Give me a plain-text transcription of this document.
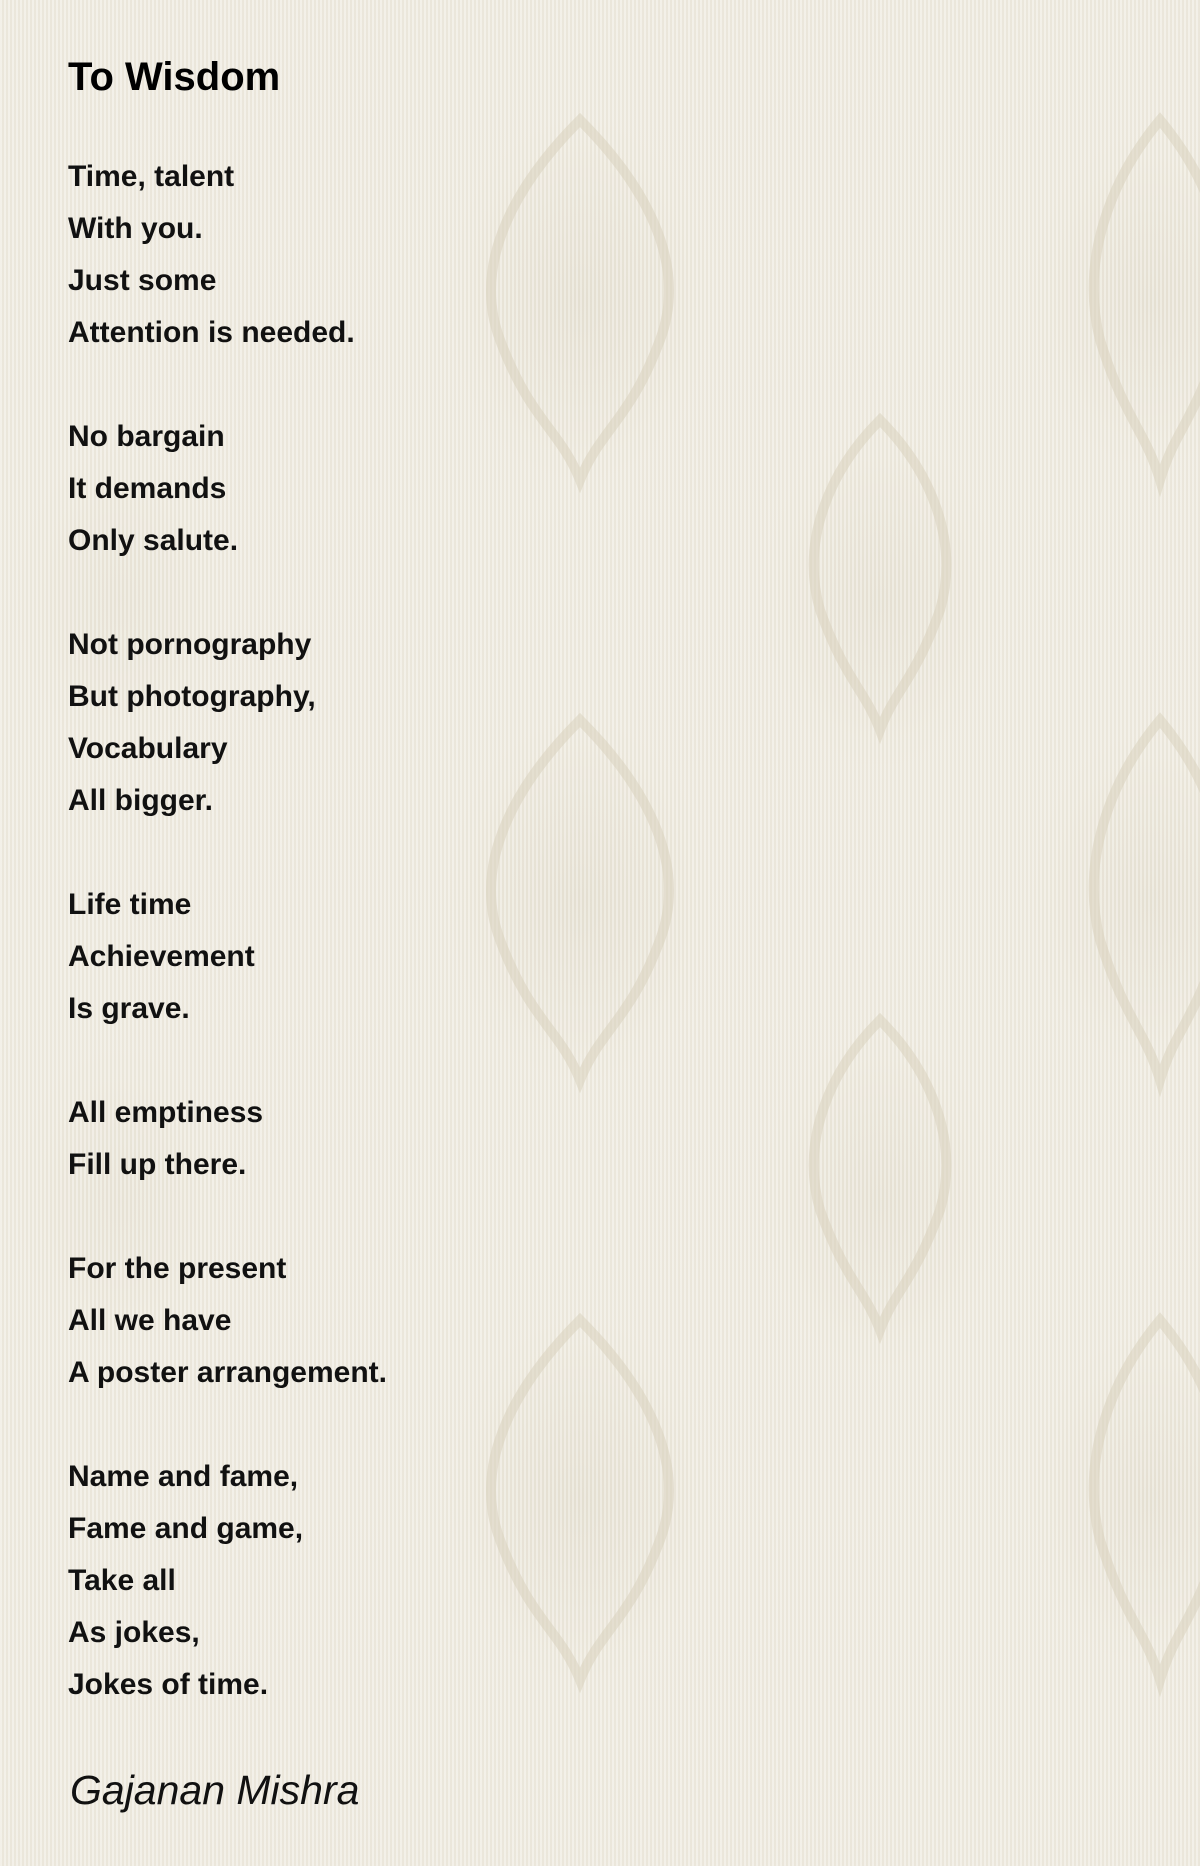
To Wisdom
Time, talent
With you.
Just some
Attention is needed.
No bargain
It demands
Only salute.
Not pornography
But photography,
Vocabulary
All bigger.
Life time
Achievement
Is grave.
All emptiness
Fill up there.
For the present
All we have
A poster arrangement.
Name and fame,
Fame and game,
Take all
As jokes,
Jokes of time.
Gajanan Mishra
